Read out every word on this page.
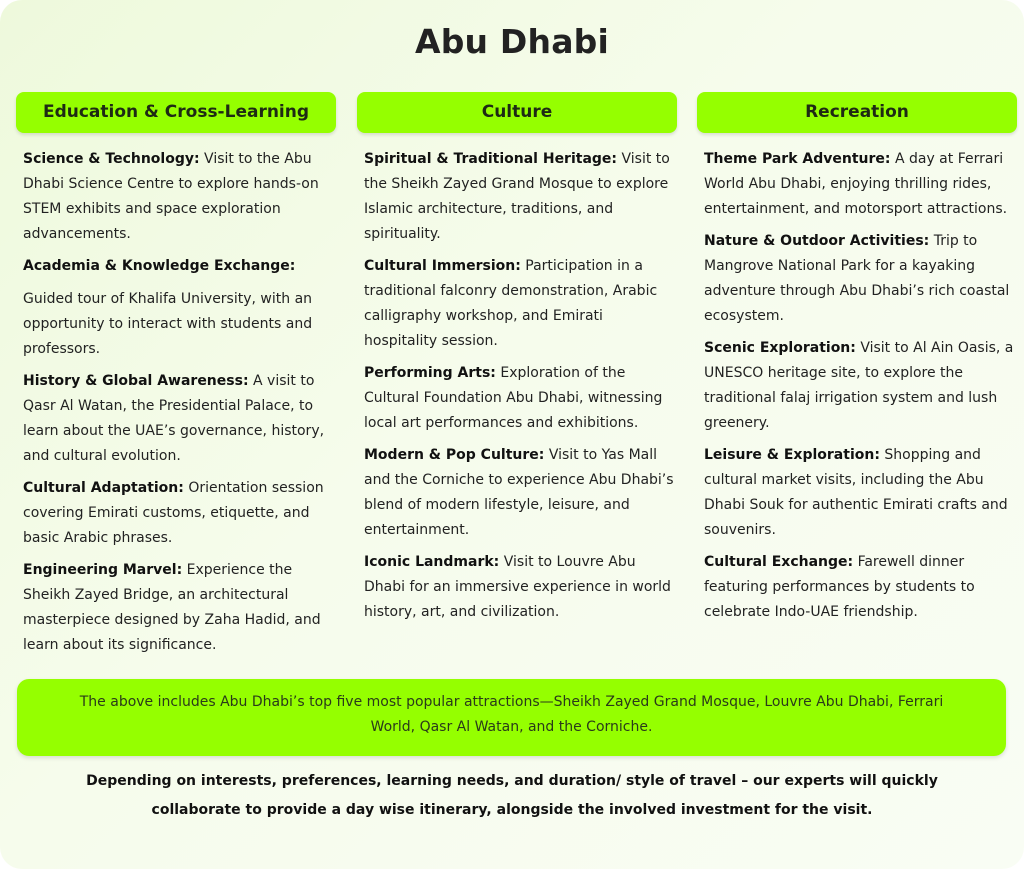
Abu Dhabi
Education & Cross-Learning
Science & Technology: Visit to the Abu Dhabi Science Centre to explore hands-on STEM exhibits and space exploration advancements.
Academia & Knowledge Exchange:
Guided tour of Khalifa University, with an opportunity to interact with students and professors.
History & Global Awareness: A visit to Qasr Al Watan, the Presidential Palace, to learn about the UAE’s governance, history, and cultural evolution.
Cultural Adaptation: Orientation session covering Emirati customs, etiquette, and basic Arabic phrases.
Engineering Marvel: Experience the Sheikh Zayed Bridge, an architectural masterpiece designed by Zaha Hadid, and learn about its significance.
Culture
Spiritual & Traditional Heritage: Visit to the Sheikh Zayed Grand Mosque to explore Islamic architecture, traditions, and spirituality.
Cultural Immersion: Participation in a traditional falconry demonstration, Arabic calligraphy workshop, and Emirati hospitality session.
Performing Arts: Exploration of the Cultural Foundation Abu Dhabi, witnessing local art performances and exhibitions.
Modern & Pop Culture: Visit to Yas Mall and the Corniche to experience Abu Dhabi’s blend of modern lifestyle, leisure, and entertainment.
Iconic Landmark: Visit to Louvre Abu Dhabi for an immersive experience in world history, art, and civilization.
Recreation
Theme Park Adventure: A day at Ferrari World Abu Dhabi, enjoying thrilling rides, entertainment, and motorsport attractions.
Nature & Outdoor Activities: Trip to Mangrove National Park for a kayaking adventure through Abu Dhabi’s rich coastal ecosystem.
Scenic Exploration: Visit to Al Ain Oasis, a UNESCO heritage site, to explore the traditional falaj irrigation system and lush greenery.
Leisure & Exploration: Shopping and cultural market visits, including the Abu Dhabi Souk for authentic Emirati crafts and souvenirs.
Cultural Exchange: Farewell dinner featuring performances by students to celebrate Indo-UAE friendship.
The above includes Abu Dhabi’s top five most popular attractions—Sheikh Zayed Grand Mosque, Louvre Abu Dhabi, Ferrari World, Qasr Al Watan, and the Corniche.
Depending on interests, preferences, learning needs, and duration/ style of travel – our experts will quickly collaborate to provide a day wise itinerary, alongside the involved investment for the visit.
